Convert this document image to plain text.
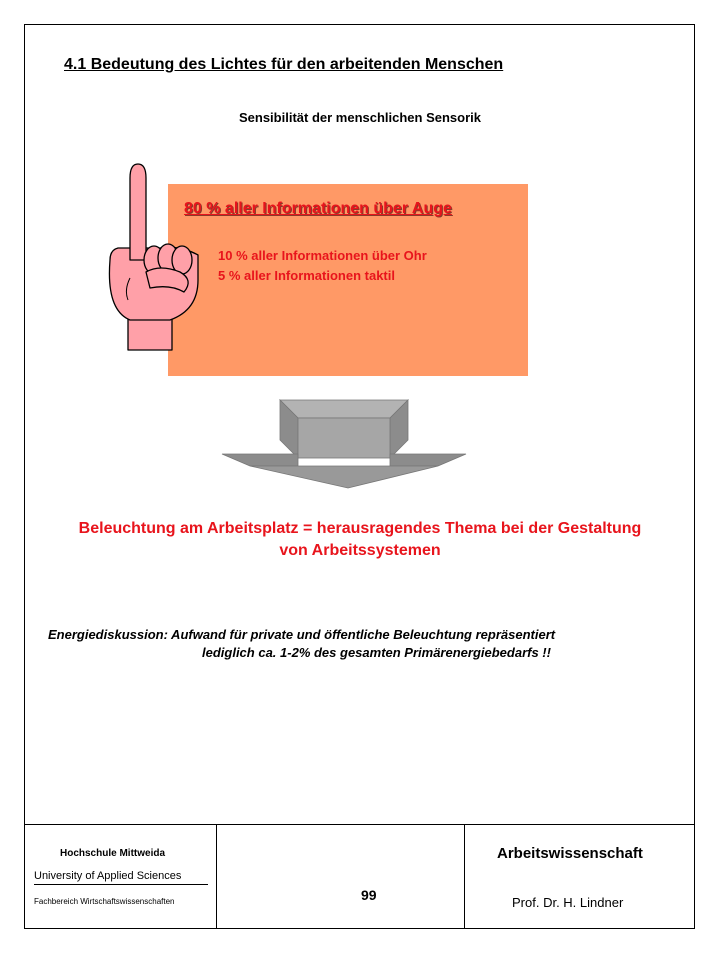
4.1 Bedeutung des Lichtes für den arbeitenden Menschen
Sensibilität der menschlichen Sensorik
80 % aller Informationen über Auge
10 % aller Informationen über Ohr
5 % aller Informationen taktil
Beleuchtung am Arbeitsplatz = herausragendes Thema bei der Gestaltung
von Arbeitssystemen
Energiediskussion: Aufwand für private und öffentliche Beleuchtung repräsentiert
lediglich ca. 1-2% des gesamten Primärenergiebedarfs !!
Hochschule Mittweida
University of Applied Sciences
Fachbereich Wirtschaftswissenschaften	99
Arbeitswissenschaft
Prof. Dr. H. Lindner
